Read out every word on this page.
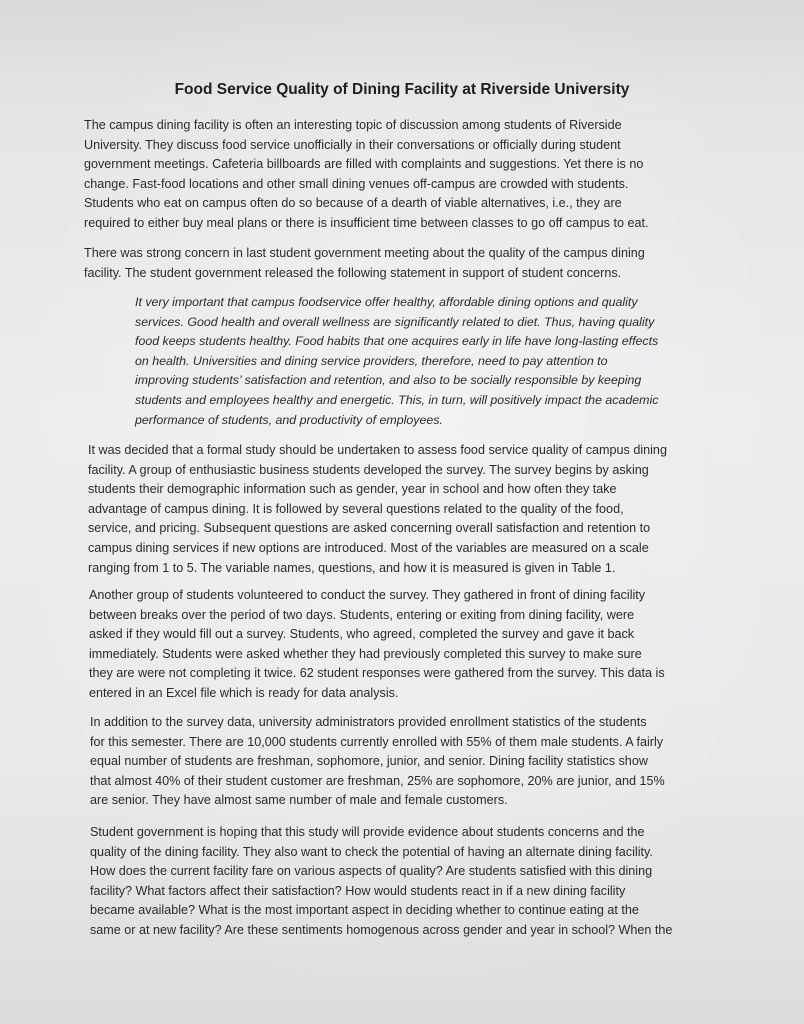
Food Service Quality of Dining Facility at Riverside University
The campus dining facility is often an interesting topic of discussion among students of Riverside
University. They discuss food service unofficially in their conversations or officially during student
government meetings. Cafeteria billboards are filled with complaints and suggestions. Yet there is no
change. Fast-food locations and other small dining venues off-campus are crowded with students.
Students who eat on campus often do so because of a dearth of viable alternatives, i.e., they are
required to either buy meal plans or there is insufficient time between classes to go off campus to eat.
There was strong concern in last student government meeting about the quality of the campus dining
facility. The student government released the following statement in support of student concerns.
It very important that campus foodservice offer healthy, affordable dining options and quality
services. Good health and overall wellness are significantly related to diet. Thus, having quality
food keeps students healthy. Food habits that one acquires early in life have long-lasting effects
on health. Universities and dining service providers, therefore, need to pay attention to
improving students’ satisfaction and retention, and also to be socially responsible by keeping
students and employees healthy and energetic. This, in turn, will positively impact the academic
performance of students, and productivity of employees.
It was decided that a formal study should be undertaken to assess food service quality of campus dining
facility. A group of enthusiastic business students developed the survey. The survey begins by asking
students their demographic information such as gender, year in school and how often they take
advantage of campus dining. It is followed by several questions related to the quality of the food,
service, and pricing. Subsequent questions are asked concerning overall satisfaction and retention to
campus dining services if new options are introduced. Most of the variables are measured on a scale
ranging from 1 to 5. The variable names, questions, and how it is measured is given in Table 1.
Another group of students volunteered to conduct the survey. They gathered in front of dining facility
between breaks over the period of two days. Students, entering or exiting from dining facility, were
asked if they would fill out a survey. Students, who agreed, completed the survey and gave it back
immediately. Students were asked whether they had previously completed this survey to make sure
they are were not completing it twice. 62 student responses were gathered from the survey. This data is
entered in an Excel file which is ready for data analysis.
In addition to the survey data, university administrators provided enrollment statistics of the students
for this semester. There are 10,000 students currently enrolled with 55% of them male students. A fairly
equal number of students are freshman, sophomore, junior, and senior. Dining facility statistics show
that almost 40% of their student customer are freshman, 25% are sophomore, 20% are junior, and 15%
are senior. They have almost same number of male and female customers.
Student government is hoping that this study will provide evidence about students concerns and the
quality of the dining facility. They also want to check the potential of having an alternate dining facility.
How does the current facility fare on various aspects of quality? Are students satisfied with this dining
facility? What factors affect their satisfaction? How would students react in if a new dining facility
became available? What is the most important aspect in deciding whether to continue eating at the
same or at new facility? Are these sentiments homogenous across gender and year in school? When the
